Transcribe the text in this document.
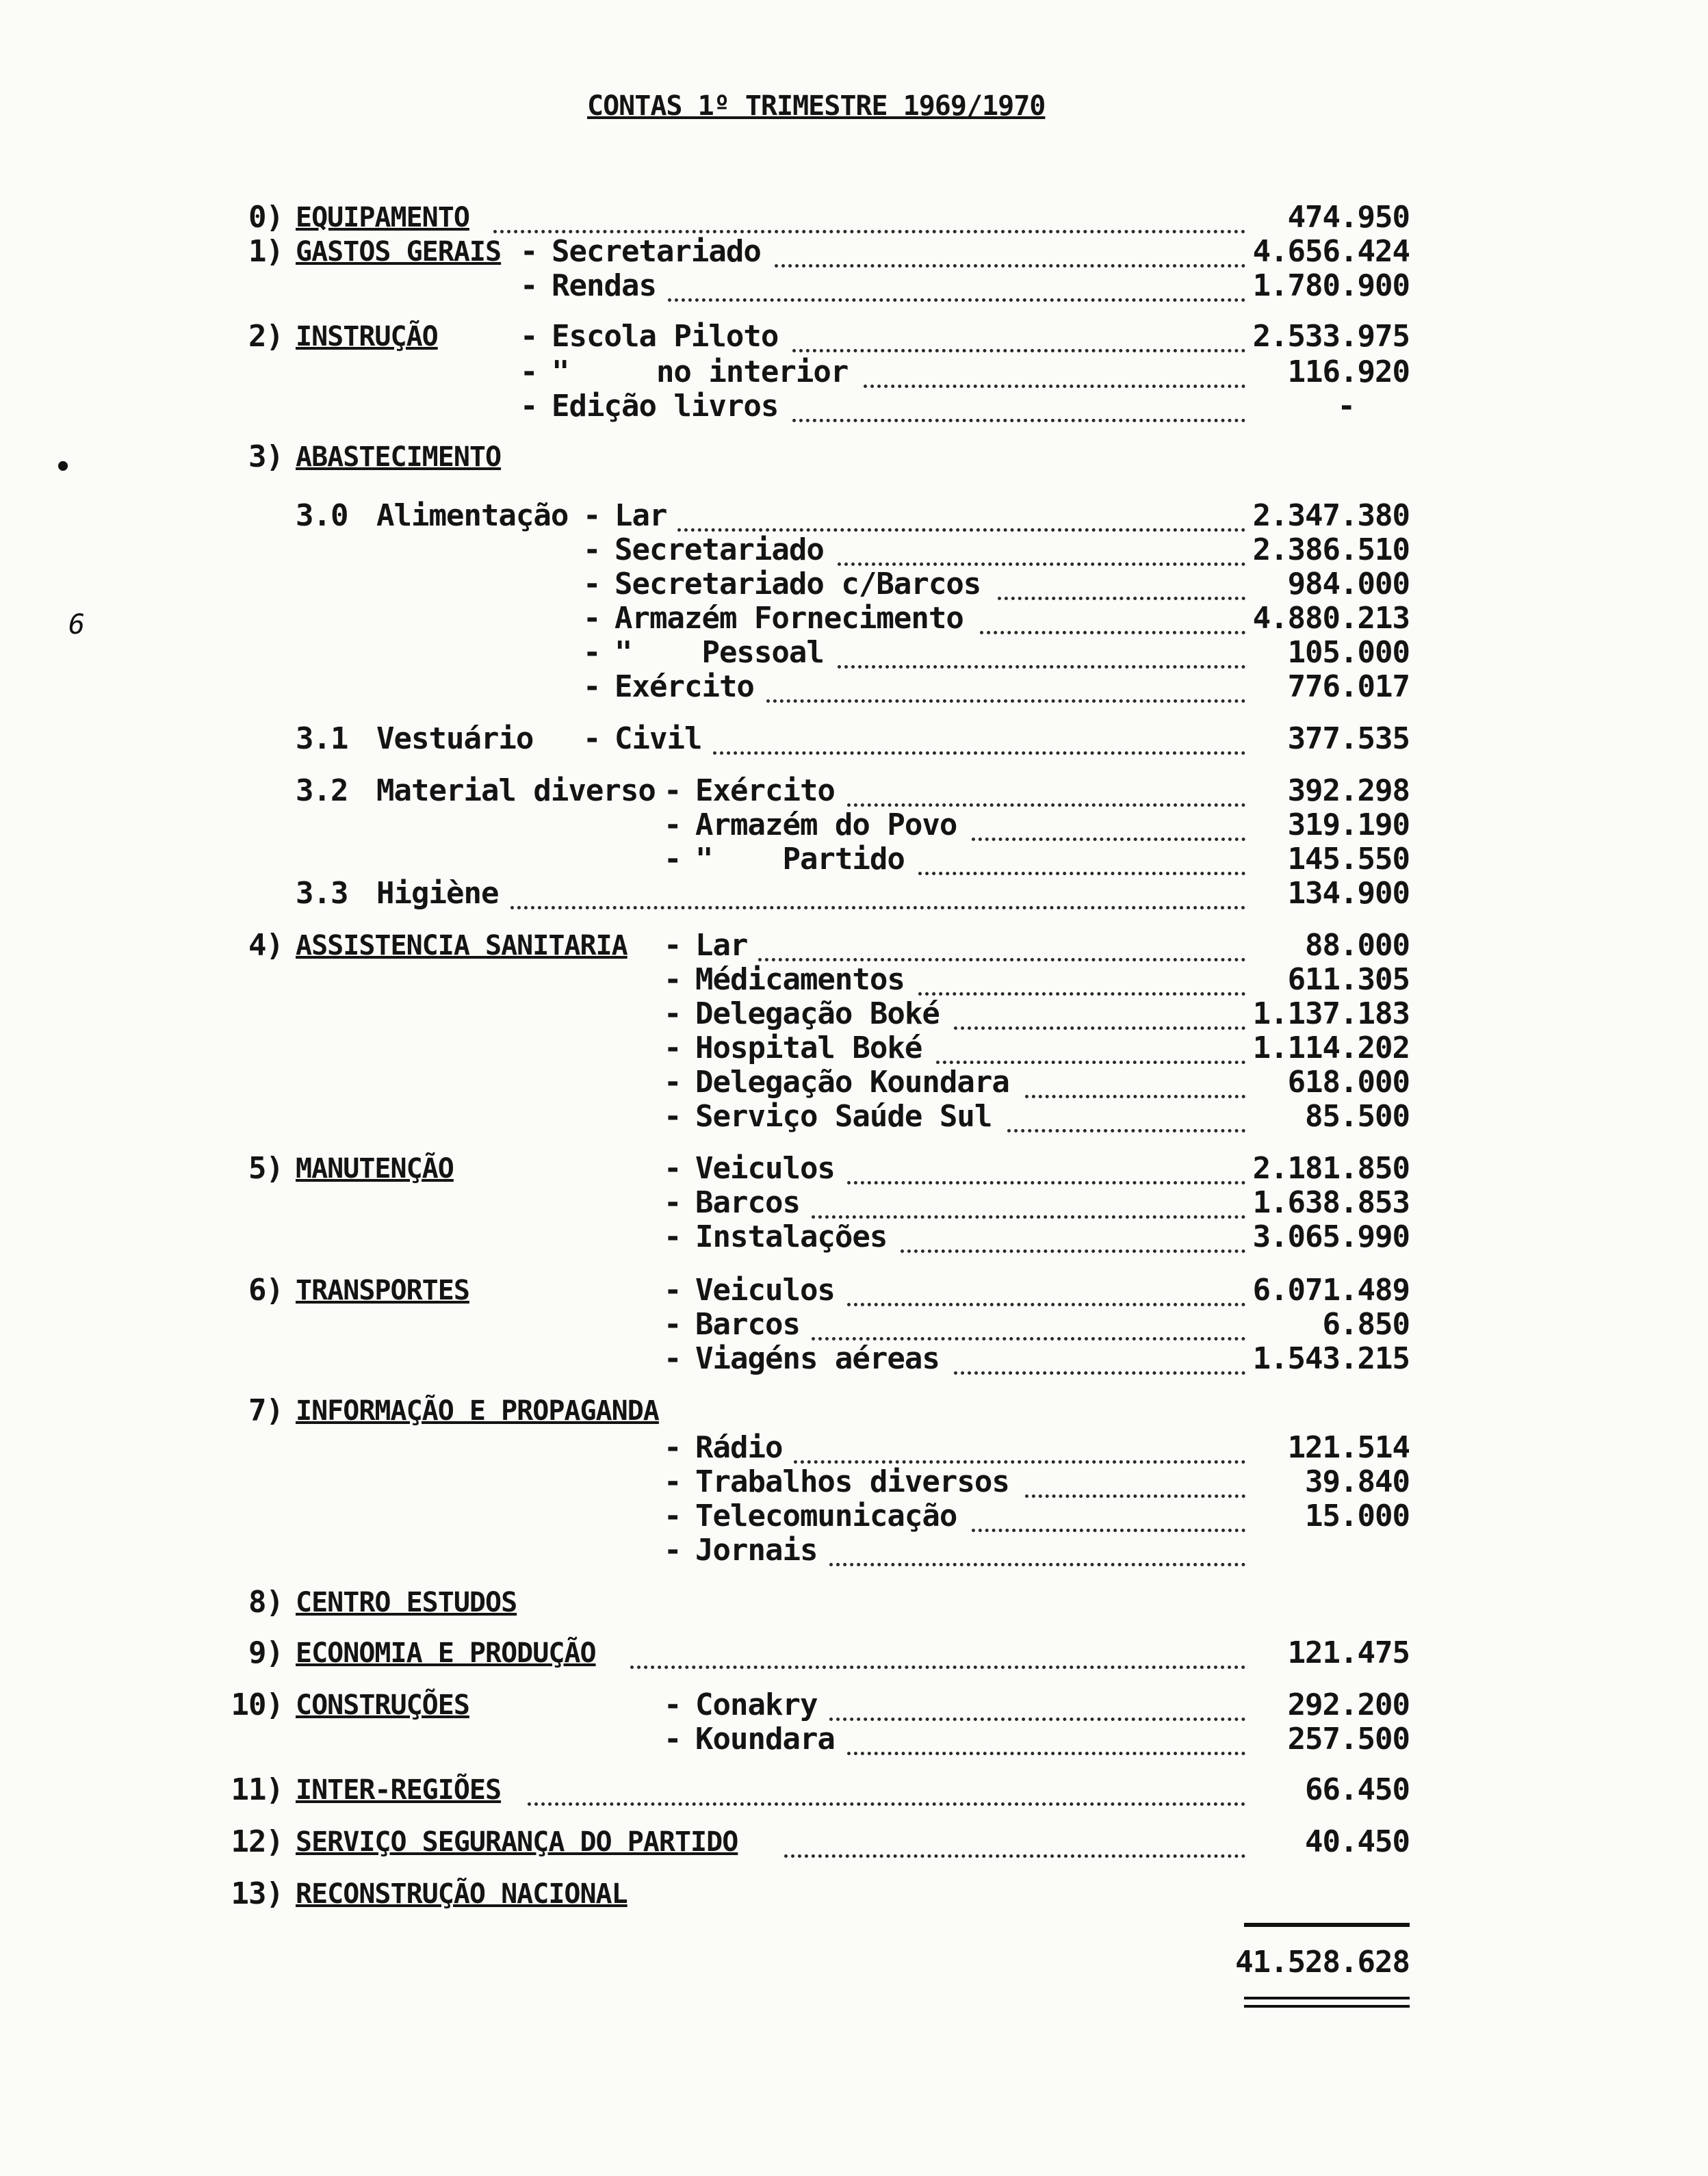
CONTAS 1º TRIMESTRE 1969/1970
0) EQUIPAMENTO	474.950
1) GASTOS GERAIS - Secretariado	4.656.424
- Rendas	1.780.900
2) INSTRUÇÃO	- Escola Piloto	2.533.975
- "     no interior	116.920
- Edição livros	-
3) ABASTECIMENTO
3.0 Alimentação - Lar	2.347.380
- Secretariado	2.386.510
- Secretariado c/Barcos	984.000
- Armazém Fornecimento	4.880.213
- "    Pessoal	105.000
- Exército	776.017
3.1 Vestuário - Civil	377.535
3.2 Material diverso - Exército	392.298
- Armazém do Povo	319.190
- "    Partido	145.550
3.3 Higiène	134.900
4) ASSISTENCIA SANITARIA - Lar	88.000
- Médicamentos	611.305
- Delegação Boké	1.137.183
- Hospital Boké	1.114.202
- Delegação Koundara	618.000
- Serviço Saúde Sul	85.500
5) MANUTENÇÃO	- Veiculos	2.181.850
- Barcos	1.638.853
- Instalações	3.065.990
6) TRANSPORTES	- Veiculos	6.071.489
- Barcos	6.850
- Viagéns aéreas	1.543.215
7) INFORMAÇÃO E PROPAGANDA
- Rádio	121.514
- Trabalhos diversos	39.840
- Telecomunicação	15.000
- Jornais
8) CENTRO ESTUDOS
9) ECONOMIA E PRODUÇÃO	121.475
10) CONSTRUÇÕES	- Conakry	292.200
- Koundara	257.500
11) INTER-REGIÕES	66.450
12) SERVIÇO SEGURANÇA DO PARTIDO	40.450
13) RECONSTRUÇÃO NACIONAL
41.528.628
6
•
